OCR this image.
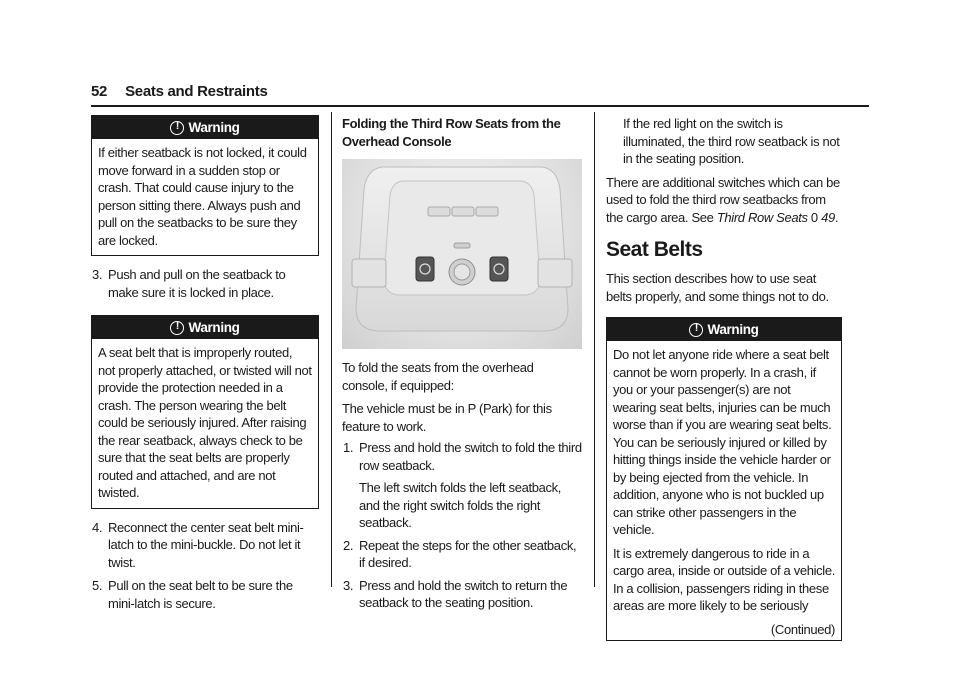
52 Seats and Restraints
!Warning

If either seatback is not locked, it could move forward in a sudden stop or crash. That could cause injury to the person sitting there. Always push and pull on the seatbacks to be sure they are locked.

3. Push and pull on the seatback to make sure it is locked in place.
!Warning

A seat belt that is improperly routed, not properly attached, or twisted will not provide the protection needed in a crash. The person wearing the belt could be seriously injured. After raising the rear seatback, always check to be sure that the seat belts are properly routed and attached, and are not twisted.

4. Reconnect the center seat belt mini-latch to the mini-buckle. Do not let it twist.
5. Pull on the seat belt to be sure the mini-latch is secure.

Folding the Third Row Seats from the Overhead Console

To fold the seats from the overhead console, if equipped:

The vehicle must be in P (Park) for this feature to work.

1. Press and hold the switch to fold the third row seatback.

The left switch folds the left seatback, and the right switch folds the right seatback.

2. Repeat the steps for the other seatback, if desired.
3. Press and hold the switch to return the seatback to the seating position.

If the red light on the switch is illuminated, the third row seatback is not in the seating position.

There are additional switches which can be used to fold the third row seatbacks from the cargo area. See Third Row Seats 0 49.

Seat Belts

This section describes how to use seat belts properly, and some things not to do.

!Warning

Do not let anyone ride where a seat belt cannot be worn properly. In a crash, if you or your passenger(s) are not wearing seat belts, injuries can be much worse than if you are wearing seat belts. You can be seriously injured or killed by hitting things inside the vehicle harder or by being ejected from the vehicle. In addition, anyone who is not buckled up can strike other passengers in the vehicle.

It is extremely dangerous to ride in a cargo area, inside or outside of a vehicle. In a collision, passengers riding in these areas are more likely to be seriously

(Continued)
